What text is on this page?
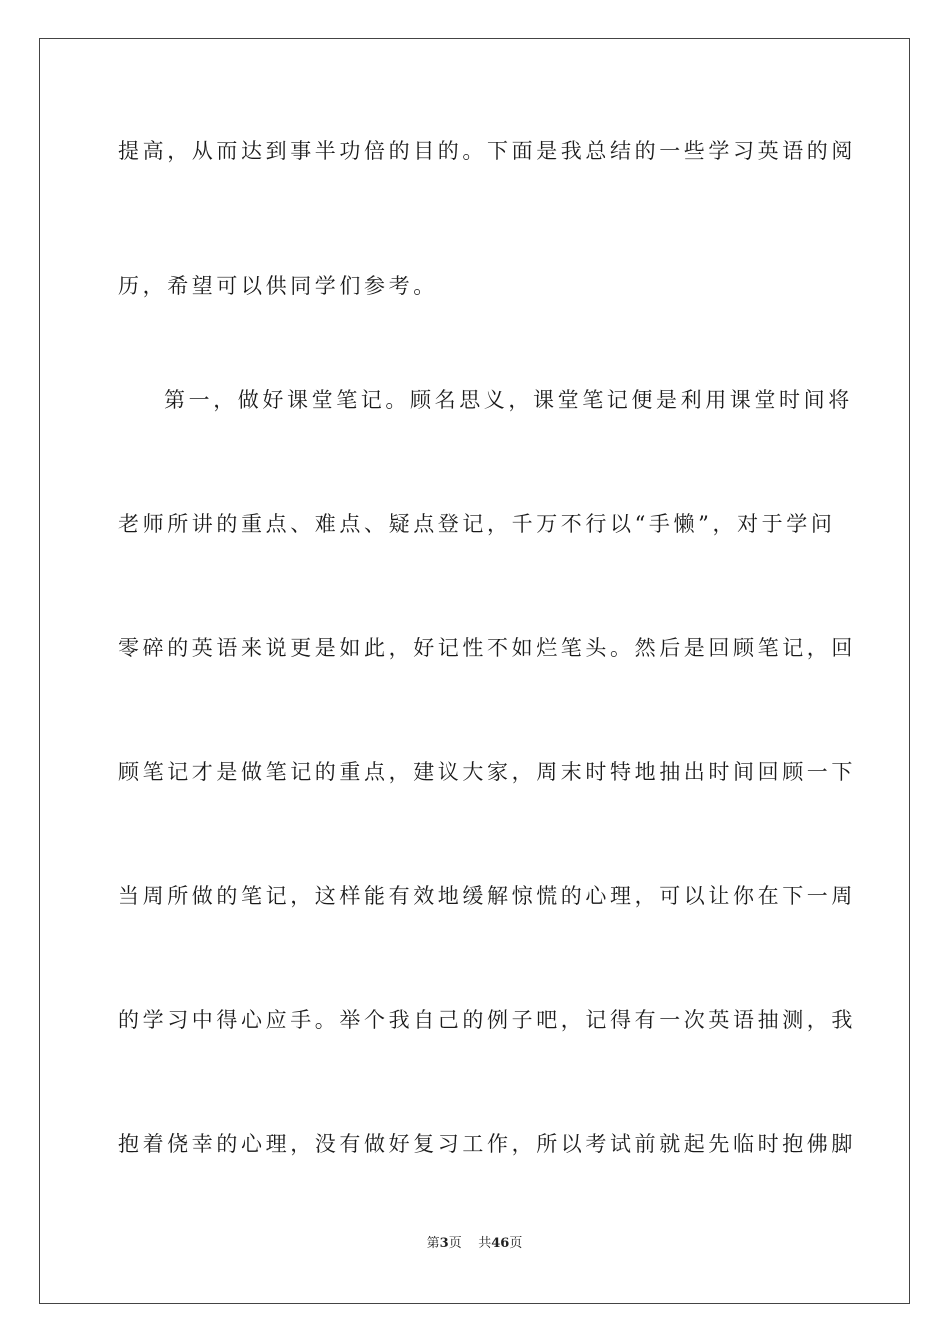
提高，从而达到事半功倍的目的。下面是我总结的一些学习英语的阅
历，希望可以供同学们参考。
第一，做好课堂笔记。顾名思义，课堂笔记便是利用课堂时间将
老师所讲的重点、难点、疑点登记，千万不行以“手懒”，对于学问
零碎的英语来说更是如此，好记性不如烂笔头。然后是回顾笔记，回
顾笔记才是做笔记的重点，建议大家，周末时特地抽出时间回顾一下
当周所做的笔记，这样能有效地缓解惊慌的心理，可以让你在下一周
的学习中得心应手。举个我自己的例子吧，记得有一次英语抽测，我
抱着侥幸的心理，没有做好复习工作，所以考试前就起先临时抱佛脚
第3页 共46页
